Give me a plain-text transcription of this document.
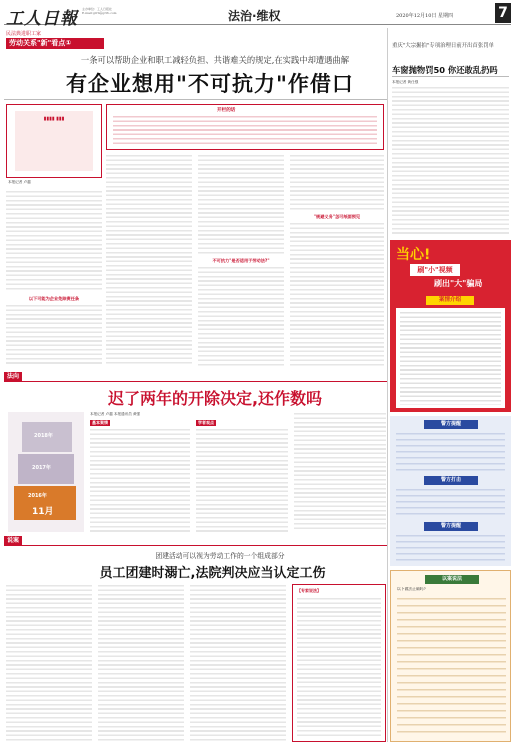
工人日報 主办单位：工人日报社
E-mail:grrb@grrb.com	法治·维权	2020年12月10日 星期四	7
民法典进职工家
劳动关系"新"看点①
一条可以帮助企业和职工减轻负担、共谐难关的规定,在实践中却遭遇曲解
有企业想用"不可抗力"作借口
▮▮▮▮ ▮▮▮
本报记者 卢越
以下可能为企业免除责任条
开栏的话
不可抗力"是否适用于劳动法?"
"规避义务"怎可纸面预见
重庆"大宗掘拍"专项治理日前开出首张罚单
车窗抛物罚50 你还敢乱扔吗
本报记者 黄仕强
当心!
刷"小"视频
刷出"大"骗局
案情介绍
警方提醒
警方打击
警方提醒
以案说法
以下做法正确吗?
法向
迟了两年的开除决定,还作数吗
2018年
2017年
2016年
11月
本报记者 卢越 本报通讯员 黄强
基本案情	学者观点
说案
团建活动可以视为劳动工作的一个组成部分
员工团建时溺亡,法院判决应当认定工伤
【专家说法】
